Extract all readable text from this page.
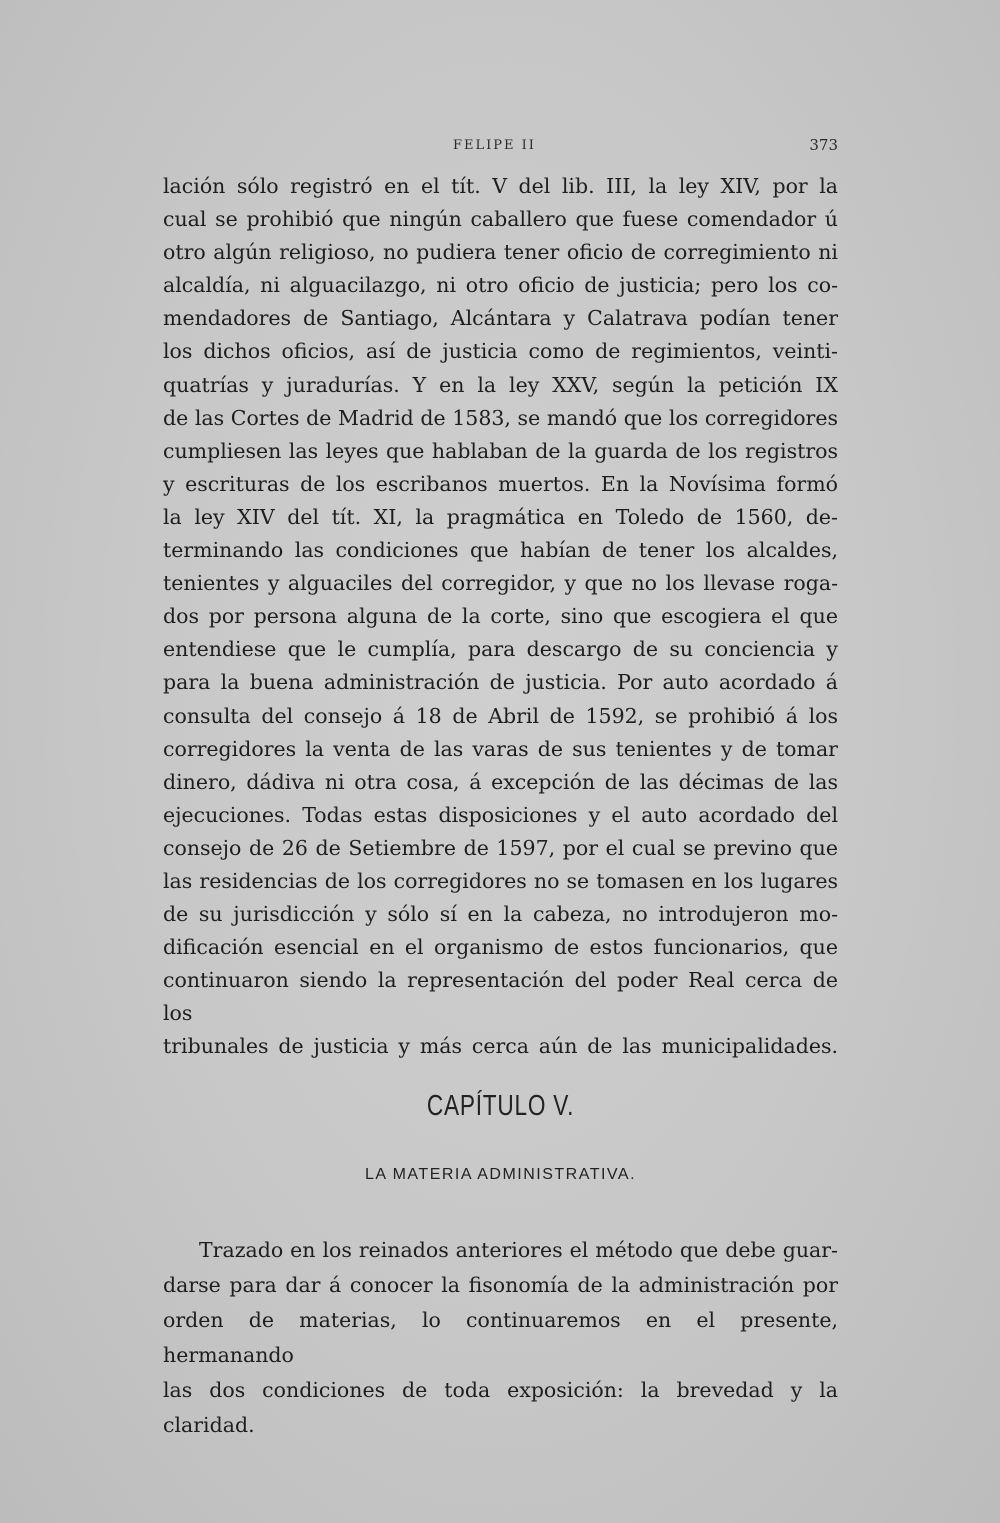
FELIPE II	373
lación sólo registró en el tít. V del lib. III, la ley XIV, por la
cual se prohibió que ningún caballero que fuese comendador ú
otro algún religioso, no pudiera tener oficio de corregimiento ni
alcaldía, ni alguacilazgo, ni otro oficio de justicia; pero los co-
mendadores de Santiago, Alcántara y Calatrava podían tener
los dichos oficios, así de justicia como de regimientos, veinti-
quatrías y juradurías. Y en la ley XXV, según la petición IX
de las Cortes de Madrid de 1583, se mandó que los corregidores
cumpliesen las leyes que hablaban de la guarda de los registros
y escrituras de los escribanos muertos. En la Novísima formó
la ley XIV del tít. XI, la pragmática en Toledo de 1560, de-
terminando las condiciones que habían de tener los alcaldes,
tenientes y alguaciles del corregidor, y que no los llevase roga-
dos por persona alguna de la corte, sino que escogiera el que
entendiese que le cumplía, para descargo de su conciencia y
para la buena administración de justicia. Por auto acordado á
consulta del consejo á 18 de Abril de 1592, se prohibió á los
corregidores la venta de las varas de sus tenientes y de tomar
dinero, dádiva ni otra cosa, á excepción de las décimas de las
ejecuciones. Todas estas disposiciones y el auto acordado del
consejo de 26 de Setiembre de 1597, por el cual se previno que
las residencias de los corregidores no se tomasen en los lugares
de su jurisdicción y sólo sí en la cabeza, no introdujeron mo-
dificación esencial en el organismo de estos funcionarios, que
continuaron siendo la representación del poder Real cerca de los
tribunales de justicia y más cerca aún de las municipalidades.
CAPÍTULO V.
LA MATERIA ADMINISTRATIVA.
Trazado en los reinados anteriores el método que debe guar-
darse para dar á conocer la fisonomía de la administración por
orden de materias, lo continuaremos en el presente, hermanando
las dos condiciones de toda exposición: la brevedad y la claridad.
